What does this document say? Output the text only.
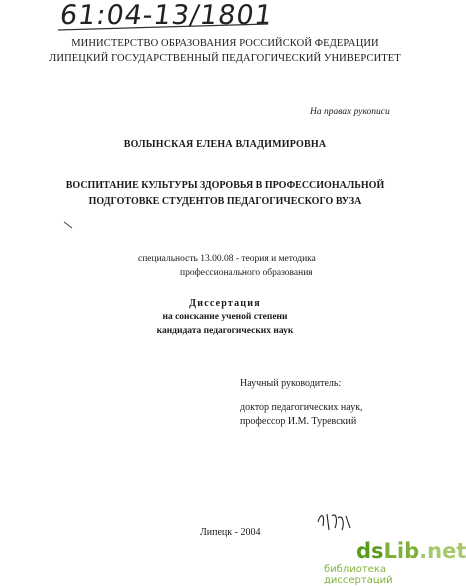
61:04-13/1801
МИНИСТЕРСТВО ОБРАЗОВАНИЯ РОССИЙСКОЙ ФЕДЕРАЦИИ
ЛИПЕЦКИЙ ГОСУДАРСТВЕННЫЙ ПЕДАГОГИЧЕСКИЙ УНИВЕРСИТЕТ
На правах рукописи
ВОЛЫНСКАЯ ЕЛЕНА ВЛАДИМИРОВНА
ВОСПИТАНИЕ КУЛЬТУРЫ ЗДОРОВЬЯ В ПРОФЕССИОНАЛЬНОЙ
ПОДГОТОВКЕ СТУДЕНТОВ ПЕДАГОГИЧЕСКОГО ВУЗА
специальность 13.00.08 - теория и методика
профессионального образования
Диссертация
на соискание ученой степени
кандидата педагогических наук
Научный руководитель:
доктор педагогических наук,
профессор И.М. Туревский
Липецк - 2004
dsLib.net
библиотека диссертаций
